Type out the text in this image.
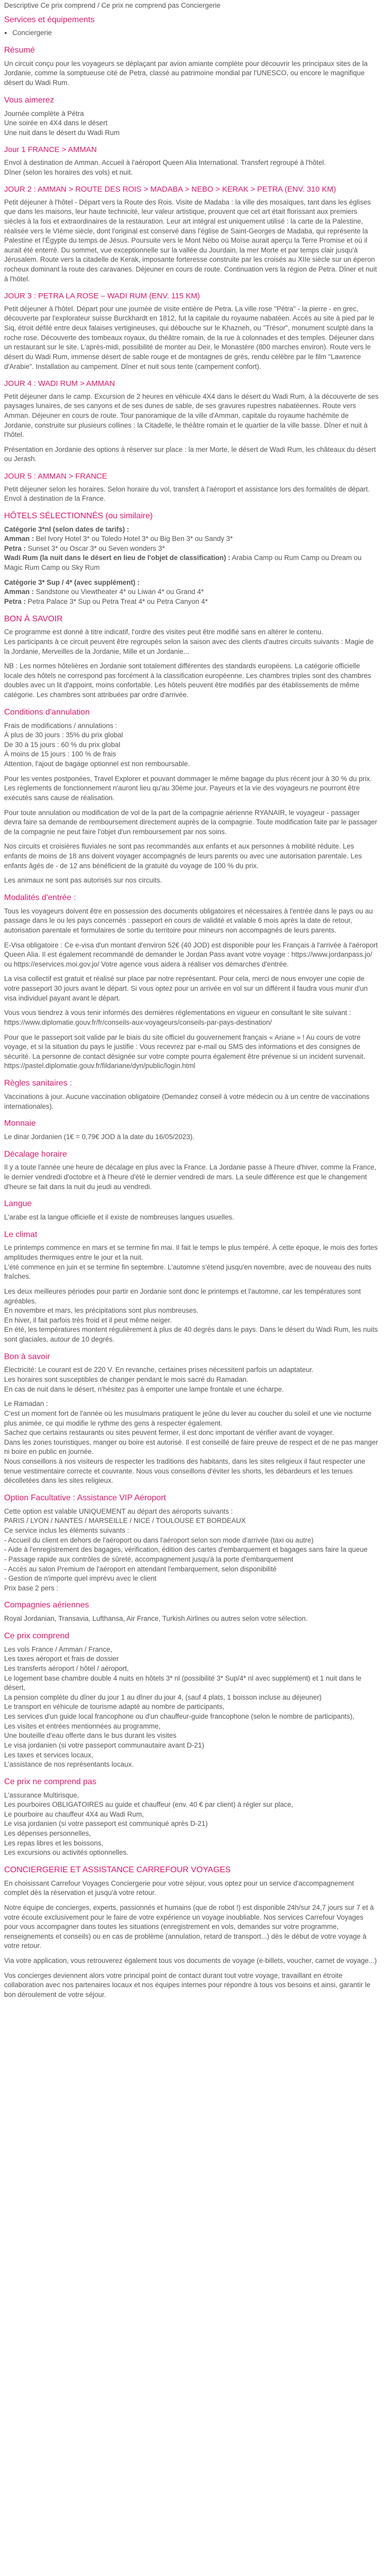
Descriptive Ce prix comprend / Ce prix ne comprend pas Conciergerie
Services et équipements
• Conciergerie
Résumé

Un circuit conçu pour les voyageurs se déplaçant par avion amiante complète pour découvrir les principaux sites de la Jordanie, comme la somptueuse cité de Petra, classé au patrimoine mondial par l'UNESCO, ou encore le magnifique désert du Wadi Rum.

Vous aimerez
Journée complète à Pétra
Une soirée en 4X4 dans le désert
Une nuit dans le désert du Wadi Rum
Jour 1 FRANCE > AMMAN

Envol à destination de Amman. Accueil à l'aéroport Queen Alia International. Transfert regroupé à l'hôtel.

Dîner (selon les horaires des vols) et nuit.

JOUR 2 : AMMAN > ROUTE DES ROIS > MADABA > NEBO > KERAK > PETRA (ENV. 310 KM)

Petit déjeuner à l'hôtel - Départ vers la Route des Rois. Visite de Madaba : la ville des mosaïques, tant dans les églises que dans les maisons, leur haute technicité, leur valeur artistique, prouvent que cet art était florissant aux premiers siècles à la fois et extraordinaires de la restauration. Leur art intégral est uniquement utilisé : la carte de la Palestine, réalisée vers le VIème siècle, dont l'original est conservé dans l'église de Saint-Georges de Madaba, qui représente la Palestine et l'Égypte du temps de Jésus. Poursuite vers le Mont Nébo où Moïse aurait aperçu la Terre Promise et où il aurait été enterré. Du sommet, vue exceptionnelle sur la vallée du Jourdain, la mer Morte et par temps clair jusqu'à Jérusalem. Route vers la citadelle de Kerak, imposante forteresse construite par les croisés au XIIe siècle sur un éperon rocheux dominant la route des caravanes. Déjeuner en cours de route. Continuation vers la région de Petra. Dîner et nuit à l'hôtel.

JOUR 3 : PETRA LA ROSE – WADI RUM (ENV. 115 KM)

Petit déjeuner à l'hôtel. Départ pour une journée de visite entière de Petra. La ville rose "Pétra" - la pierre - en grec, découverte par l'explorateur suisse Burckhardt en 1812, fut la capitale du royaume nabatéen. Accès au site à pied par le Siq, étroit défilé entre deux falaises vertigineuses, qui débouche sur le Khazneh, ou "Trésor", monument sculpté dans la roche rose. Découverte des tombeaux royaux, du théâtre romain, de la rue à colonnades et des temples. Déjeuner dans un restaurant sur le site. L'après-midi, possibilité de monter au Deir, le Monastère (800 marches environ). Route vers le désert du Wadi Rum, immense désert de sable rouge et de montagnes de grès, rendu célèbre par le film "Lawrence d'Arabie". Installation au campement. Dîner et nuit sous tente (campement confort).

JOUR 4 : WADI RUM > AMMAN

Petit déjeuner dans le camp. Excursion de 2 heures en véhicule 4X4 dans le désert du Wadi Rum, à la découverte de ses paysages lunaires, de ses canyons et de ses dunes de sable, de ses gravures rupestres nabatéennes. Route vers Amman. Déjeuner en cours de route. Tour panoramique de la ville d'Amman, capitale du royaume hachémite de Jordanie, construite sur plusieurs collines : la Citadelle, le théâtre romain et le quartier de la ville basse. Dîner et nuit à l'hôtel.

Présentation en Jordanie des options à réserver sur place : la mer Morte, le désert de Wadi Rum, les châteaux du désert ou Jerash.

JOUR 5 : AMMAN > FRANCE

Petit déjeuner selon les horaires. Selon horaire du vol, transfert à l'aéroport et assistance lors des formalités de départ. Envol à destination de la France.

HÔTELS SÉLECTIONNÉS (ou similaire)
Catégorie 3*nl (selon dates de tarifs) :
Amman : Bel Ivory Hotel 3* ou Toledo Hotel 3* ou Big Ben 3* ou Sandy 3*
Petra : Sunset 3* ou Oscar 3* ou Seven wonders 3*
Wadi Rum (la nuit dans le désert en lieu de l'objet de classification) : Arabia Camp ou Rum Camp ou Dream ou Magic Rum Camp ou Sky Rum
Catégorie 3* Sup / 4* (avec supplément) :
Amman : Sandstone ou Viewtheater 4* ou Liwan 4* ou Grand 4*
Petra : Petra Palace 3* Sup ou Petra Treat 4* ou Petra Canyon 4*
BON À SAVOIR

Ce programme est donné à titre indicatif, l'ordre des visites peut être modifié sans en altérer le contenu.

Les participants à ce circuit peuvent être regroupés selon la saison avec des clients d'autres circuits suivants : Magie de la Jordanie, Merveilles de la Jordanie, Mille et un Jordanie...

NB : Les normes hôtelières en Jordanie sont totalement différentes des standards européens. La catégorie officielle locale des hôtels ne correspond pas forcément à la classification européenne. Les chambres triples sont des chambres doubles avec un lit d'appoint, moins confortable. Les hôtels peuvent être modifiés par des établissements de même catégorie. Les chambres sont attribuées par ordre d'arrivée.

Conditions d'annulation
Frais de modifications / annulations :
À plus de 30 jours : 35% du prix global
De 30 à 15 jours : 60 % du prix global
À moins de 15 jours : 100 % de frais
Attention, l'ajout de bagage optionnel est non remboursable.

Pour les ventes postponées, Travel Explorer et pouvant dommager le même bagage du plus récent jour à 30 % du prix. Les règlements de fonctionnement n'auront lieu qu'au 30ème jour. Payeurs et la vie des voyageurs ne pourront être exécutés sans cause de réalisation.

Pour toute annulation ou modification de vol de la part de la compagnie aérienne RYANAIR, le voyageur - passager devra faire sa demande de remboursement directement auprès de la compagnie. Toute modification faite par le passager de la compagnie ne peut faire l'objet d'un remboursement par nos soins.

Nos circuits et croisières fluviales ne sont pas recommandés aux enfants et aux personnes à mobilité réduite. Les enfants de moins de 18 ans doivent voyager accompagnés de leurs parents ou avec une autorisation parentale. Les enfants âgés de - de 12 ans bénéficient de la gratuité du voyage de 100 % du prix.

Les animaux ne sont pas autorisés sur nos circuits.

Modalités d'entrée :

Tous les voyageurs doivent être en possession des documents obligatoires et nécessaires à l'entrée dans le pays ou au passage dans le ou les pays concernés : passeport en cours de validité et valable 6 mois après la date de retour, autorisation parentale et formulaires de sortie du territoire pour mineurs non accompagnés de leurs parents.

E-Visa obligatoire : Ce e-visa d'un montant d'environ 52€ (40 JOD) est disponible pour les Français à l'arrivée à l'aéroport Queen Alia. Il est également recommandé de demander le Jordan Pass avant votre voyage : https://www.jordanpass.jo/ ou https://eservices.moi.gov.jo/ Votre agence vous aidera à réaliser vos démarches d'entrée.

La visa collectif est gratuit et réalisé sur place par notre représentant. Pour cela, merci de nous envoyer une copie de votre passeport 30 jours avant le départ. Si vous optez pour un arrivée en vol sur un différent il faudra vous munir d'un visa individuel payant avant le départ.

Vous vous tiendrez à vous tenir informés des dernières réglementations en vigueur en consultant le site suivant : https://www.diplomatie.gouv.fr/fr/conseils-aux-voyageurs/conseils-par-pays-destination/

Pour que le passeport soit valide par le biais du site officiel du gouvernement français « Ariane » ! Au cours de votre voyage, et si la situation du pays le justifie : Vous recevrez par e-mail ou SMS des informations et des consignes de sécurité. La personne de contact désignée sur votre compte pourra également être prévenue si un incident survenait.

https://pastel.diplomatie.gouv.fr/fildariane/dyn/public/login.html

Règles sanitaires :

Vaccinations à jour. Aucune vaccination obligatoire (Demandez conseil à votre médecin ou à un centre de vaccinations internationales).

Monnaie

Le dinar Jordanien (1€ = 0,79€ JOD à la date du 16/05/2023).

Décalage horaire

Il y a toute l'année une heure de décalage en plus avec la France. La Jordanie passe à l'heure d'hiver, comme la France, le dernier vendredi d'octobre et à l'heure d'été le dernier vendredi de mars. La seule différence est que le changement d'heure se fait dans la nuit du jeudi au vendredi.

Langue

L'arabe est la langue officielle et il existe de nombreuses langues usuelles.

Le climat

Le printemps commence en mars et se termine fin mai. Il fait le temps le plus tempéré. À cette époque, le mois des fortes amplitudes thermiques entre le jour et la nuit.

L'été commence en juin et se termine fin septembre. L'automne s'étend jusqu'en novembre, avec de nouveau des nuits fraîches.

Les deux meilleures périodes pour partir en Jordanie sont donc le printemps et l'automne, car les températures sont agréables.

En novembre et mars, les précipitations sont plus nombreuses.

En hiver, il fait parfois très froid et il peut même neiger.

En été, les températures montent régulièrement à plus de 40 degrés dans le pays. Dans le désert du Wadi Rum, les nuits sont glaciales, autour de 10 degrés.

Bon à savoir

Électricité: Le courant est de 220 V. En revanche, certaines prises nécessitent parfois un adaptateur.

Les horaires sont susceptibles de changer pendant le mois sacré du Ramadan.

En cas de nuit dans le désert, n'hésitez pas à emporter une lampe frontale et une écharpe.

Le Ramadan :

C'est un moment fort de l'année où les musulmans pratiquent le jeûne du lever au coucher du soleil et une vie nocturne plus animée, ce qui modifie le rythme des gens à respecter également.

Sachez que certains restaurants ou sites peuvent fermer, il est donc important de vérifier avant de voyager.

Dans les zones touristiques, manger ou boire est autorisé. Il est conseillé de faire preuve de respect et de ne pas manger ni boire en public en journée.

Nous conseillons à nos visiteurs de respecter les traditions des habitants, dans les sites religieux il faut respecter une tenue vestimentaire correcte et couvrante. Nous vous conseillons d'éviter les shorts, les débardeurs et les tenues décolletées dans les sites religieux.

Option Facultative : Assistance VIP Aéroport

Cette option est valable UNIQUEMENT au départ des aéroports suivants :

PARIS / LYON / NANTES / MARSEILLE / NICE / TOULOUSE ET BORDEAUX

Ce service inclus les éléments suivants :

- Accueil du client en dehors de l'aéroport ou dans l'aéroport selon son mode d'arrivée (taxi ou autre)

- Aide à l'enregistrement des bagages, vérification, édition des cartes d'embarquement et bagages sans faire la queue

- Passage rapide aux contrôles de sûreté, accompagnement jusqu'à la porte d'embarquement

- Accès au salon Premium de l'aéroport en attendant l'embarquement, selon disponibilité

- Gestion de n'importe quel imprévu avec le client

Prix base 2 pers :

Compagnies aériennes

Royal Jordanian, Transavia, Lufthansa, Air France, Turkish Airlines ou autres selon votre sélection.

Ce prix comprend
Les vols France / Amman / France,
Les taxes aéroport et frais de dossier
Les transferts aéroport / hôtel / aéroport,
Le logement base chambre double 4 nuits en hôtels 3* nl (possibilité 3* Sup/4* nl avec supplément) et 1 nuit dans le désert,
La pension complète du dîner du jour 1 au dîner du jour 4, (sauf 4 plats, 1 boisson incluse au déjeuner)
Le transport en véhicule de tourisme adapté au nombre de participants,
Les services d'un guide local francophone ou d'un chauffeur-guide francophone (selon le nombre de participants),
Les visites et entrées mentionnées au programme,
Une bouteille d'eau offerte dans le bus durant les visites
Le visa jordanien (si votre passeport communautaire avant D-21)
Les taxes et services locaux,
L'assistance de nos représentants locaux.
Ce prix ne comprend pas
L'assurance Multirisque,
Les pourboires OBLIGATOIRES au guide et chauffeur (env. 40 € par client) à régler sur place,
Le pourboire au chauffeur 4X4 au Wadi Rum,
Le visa jordanien (si votre passeport est communiqué après D-21)
Les dépenses personnelles,
Les repas libres et les boissons,
Les excursions ou activités optionnelles.
CONCIERGERIE ET ASSISTANCE CARREFOUR VOYAGES

En choisissant Carrefour Voyages Conciergerie pour votre séjour, vous optez pour un service d'accompagnement complet dès la réservation et jusqu'à votre retour.

Notre équipe de concierges, experts, passionnés et humains (que de robot !) est disponible 24h/sur 24,7 jours sur 7 et à votre écoute exclusivement pour le faire de votre expérience un voyage inoubliable. Nos services Carrefour Voyages pour vous accompagner dans toutes les situations (enregistrement en vols, demandes sur votre programme, renseignements et conseils) ou en cas de problème (annulation, retard de transport...) dès le début de votre voyage à votre retour.

Via votre application, vous retrouverez également tous vos documents de voyage (e-billets, voucher, carnet de voyage...)

Vos concierges deviennent alors votre principal point de contact durant tout votre voyage, travaillant en étroite collaboration avec nos partenaires locaux et nos équipes internes pour répondre à tous vos besoins et ainsi, garantir le bon déroulement de votre séjour.
